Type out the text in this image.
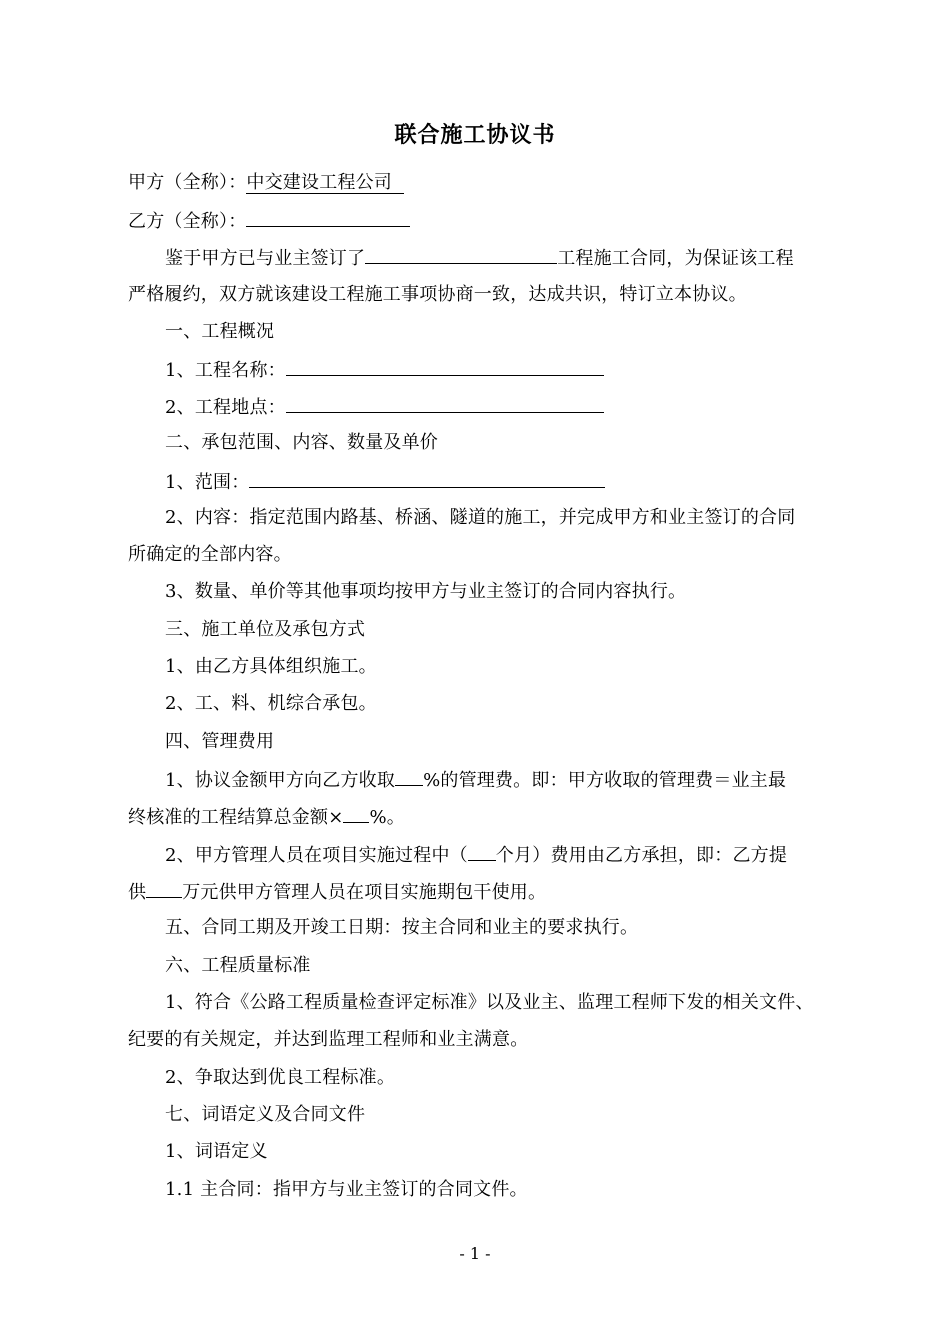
联合施工协议书
甲方（全称）：中交建设工程公司
乙方（全称）：
鉴于甲方已与业主签订了	工程施工合同，为保证该工程
严格履约，双方就该建设工程施工事项协商一致，达成共识，特订立本协议。
一、工程概况
1、工程名称：
2、工程地点：
二、承包范围、内容、数量及单价
1、范围：
2、内容：指定范围内路基、桥涵、隧道的施工，并完成甲方和业主签订的合同
所确定的全部内容。
3、数量、单价等其他事项均按甲方与业主签订的合同内容执行。
三、施工单位及承包方式
1、由乙方具体组织施工。
2、工、料、机综合承包。
四、管理费用
1、协议金额甲方向乙方收取 %的管理费。即：甲方收取的管理费＝业主最
终核准的工程结算总金额× %。
2、甲方管理人员在项目实施过程中（ 个月）费用由乙方承担，即：乙方提
供 万元供甲方管理人员在项目实施期包干使用。
五、合同工期及开竣工日期：按主合同和业主的要求执行。
六、工程质量标准
1、符合《公路工程质量检查评定标准》以及业主、监理工程师下发的相关文件、
纪要的有关规定，并达到监理工程师和业主满意。
2、争取达到优良工程标准。
七、词语定义及合同文件
1、词语定义
1.1 主合同：指甲方与业主签订的合同文件。
- 1 -
